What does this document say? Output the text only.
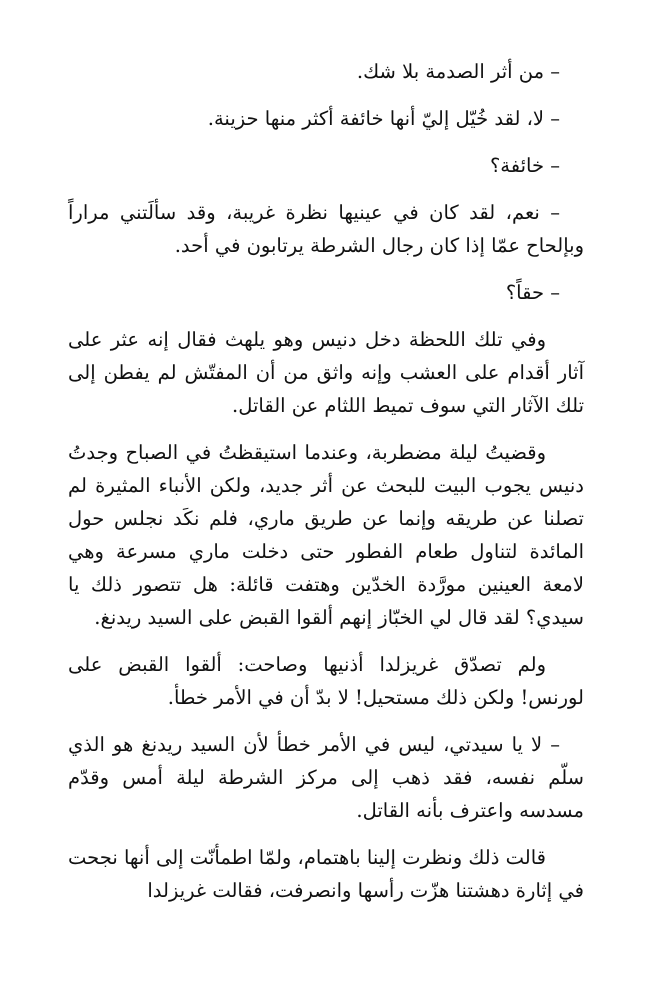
– من أثر الصدمة بلا شك.

– لا، لقد خُيّل إليّ أنها خائفة أكثر منها حزينة.

– خائفة؟

– نعم، لقد كان في عينيها نظرة غريبة، وقد سألَتني مراراً وبإلحاح عمّا إذا كان رجال الشرطة يرتابون في أحد.

– حقاً؟

وفي تلك اللحظة دخل دنيس وهو يلهث فقال إنه عثر على آثار أقدام على العشب وإنه واثق من أن المفتّش لم يفطن إلى تلك الآثار التي سوف تميط اللثام عن القاتل.

وقضيتُ ليلة مضطربة، وعندما استيقظتُ في الصباح وجدتُ دنيس يجوب البيت للبحث عن أثر جديد، ولكن الأنباء المثيرة لم تصلنا عن طريقه وإنما عن طريق ماري، فلم نكَد نجلس حول المائدة لتناول طعام الفطور حتى دخلت ماري مسرعة وهي لامعة العينين مورَّدة الخدّين وهتفت قائلة: هل تتصور ذلك يا سيدي؟ لقد قال لي الخبّاز إنهم ألقوا القبض على السيد ريدنغ.

ولم تصدّق غريزلدا أذنيها وصاحت: ألقوا القبض على لورنس! ولكن ذلك مستحيل! لا بدّ أن في الأمر خطأ.

– لا يا سيدتي، ليس في الأمر خطأ لأن السيد ريدنغ هو الذي سلّم نفسه، فقد ذهب إلى مركز الشرطة ليلة أمس وقدّم مسدسه واعترف بأنه القاتل.

قالت ذلك ونظرت إلينا باهتمام، ولمّا اطمأنّت إلى أنها نجحت في إثارة دهشتنا هزّت رأسها وانصرفت، فقالت غريزلدا
